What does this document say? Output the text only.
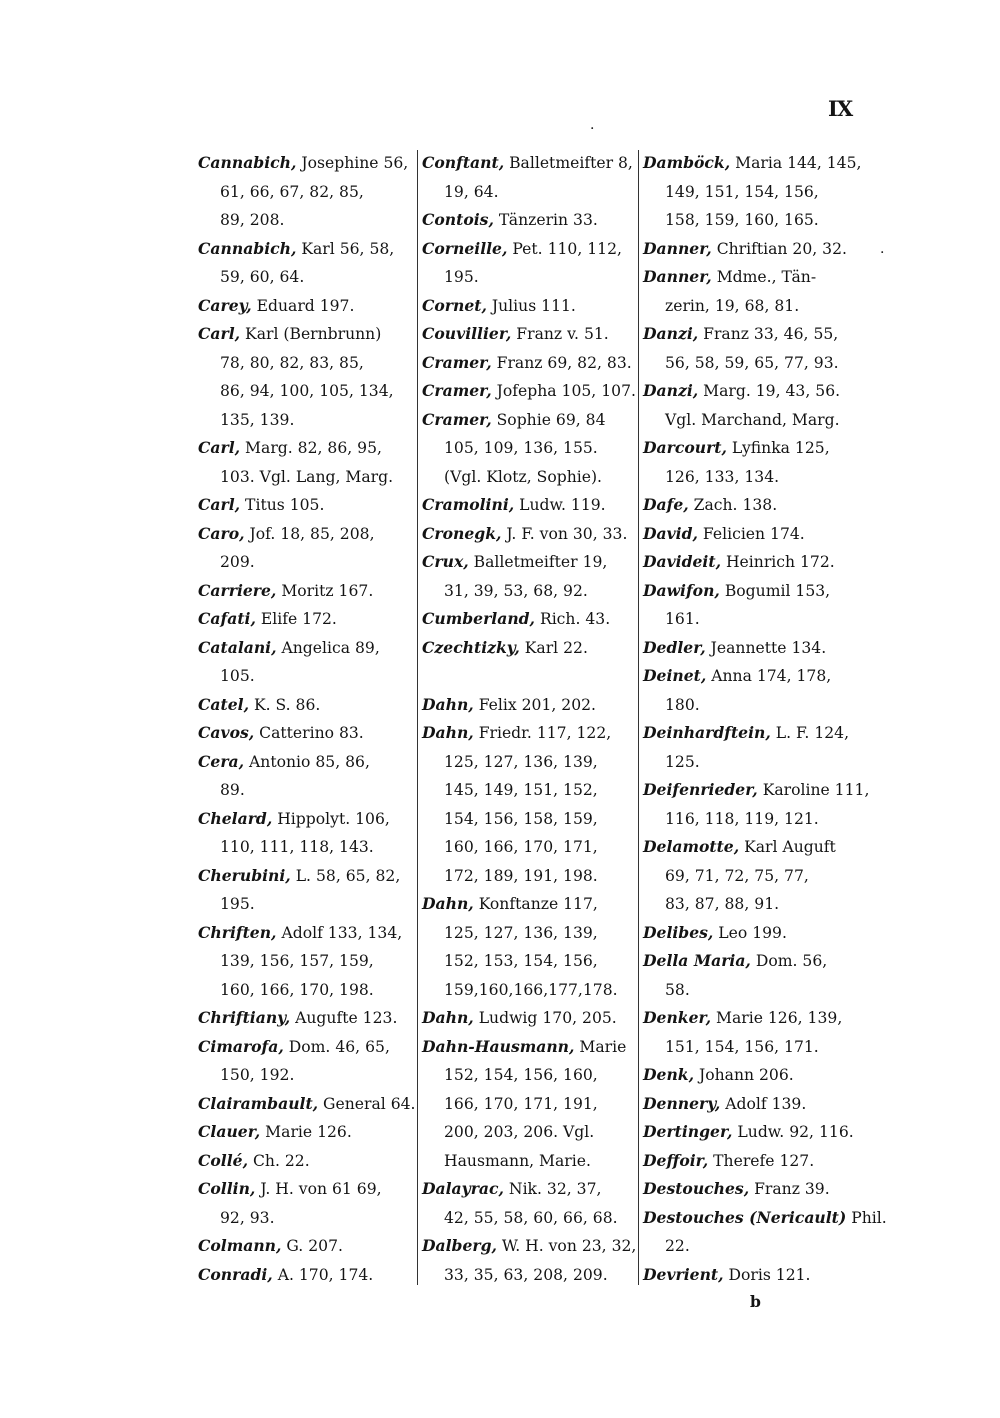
IX
·
·
Cannabich, Josephine 56,
61, 66, 67, 82, 85,
89, 208.
Cannabich, Karl 56, 58,
59, 60, 64.
Carey, Eduard 197.
Carl, Karl (Bernbrunn)
78, 80, 82, 83, 85,
86, 94, 100, 105, 134,
135, 139.
Carl, Marg. 82, 86, 95,
103. Vgl. Lang, Marg.
Carl, Titus 105.
Caro, Jof. 18, 85, 208,
209.
Carriere, Moritz 167.
Cafati, Elife 172.
Catalani, Angelica 89,
105.
Catel, K. S. 86.
Cavos, Catterino 83.
Cera, Antonio 85, 86,
89.
Chelard, Hippolyt. 106,
110, 111, 118, 143.
Cherubini, L. 58, 65, 82,
195.
Chriften, Adolf 133, 134,
139, 156, 157, 159,
160, 166, 170, 198.
Chriftiany, Augufte 123.
Cimarofa, Dom. 46, 65,
150, 192.
Clairambault, General 64.
Clauer, Marie 126.
Collé, Ch. 22.
Collin, J. H. von 61 69,
92, 93.
Colmann, G. 207.
Conradi, A. 170, 174.
Conftant, Balletmeifter 8,
19, 64.
Contois, Tänzerin 33.
Corneille, Pet. 110, 112,
195.
Cornet, Julius 111.
Couvillier, Franz v. 51.
Cramer, Franz 69, 82, 83.
Cramer, Jofepha 105, 107.
Cramer, Sophie 69, 84
105, 109, 136, 155.
(Vgl. Klotz, Sophie).
Cramolini, Ludw. 119.
Cronegk, J. F. von 30, 33.
Crux, Balletmeifter 19,
31, 39, 53, 68, 92.
Cumberland, Rich. 43.
Czechtizky, Karl 22.
Dahn, Felix 201, 202.
Dahn, Friedr. 117, 122,
125, 127, 136, 139,
145, 149, 151, 152,
154, 156, 158, 159,
160, 166, 170, 171,
172, 189, 191, 198.
Dahn, Konftanze 117,
125, 127, 136, 139,
152, 153, 154, 156,
159,160,166,177,178.
Dahn, Ludwig 170, 205.
Dahn-Hausmann, Marie
152, 154, 156, 160,
166, 170, 171, 191,
200, 203, 206. Vgl.
Hausmann, Marie.
Dalayrac, Nik. 32, 37,
42, 55, 58, 60, 66, 68.
Dalberg, W. H. von 23, 32,
33, 35, 63, 208, 209.
Damböck, Maria 144, 145,
149, 151, 154, 156,
158, 159, 160, 165.
Danner, Chriftian 20, 32.
Danner, Mdme., Tän-
zerin, 19, 68, 81.
Danzi, Franz 33, 46, 55,
56, 58, 59, 65, 77, 93.
Danzi, Marg. 19, 43, 56.
Vgl. Marchand, Marg.
Darcourt, Lyfinka 125,
126, 133, 134.
Dafe, Zach. 138.
David, Felicien 174.
Davideit, Heinrich 172.
Dawifon, Bogumil 153,
161.
Dedler, Jeannette 134.
Deinet, Anna 174, 178,
180.
Deinhardftein, L. F. 124,
125.
Deifenrieder, Karoline 111,
116, 118, 119, 121.
Delamotte, Karl Auguft
69, 71, 72, 75, 77,
83, 87, 88, 91.
Delibes, Leo 199.
Della Maria, Dom. 56,
58.
Denker, Marie 126, 139,
151, 154, 156, 171.
Denk, Johann 206.
Dennery, Adolf 139.
Dertinger, Ludw. 92, 116.
Deffoir, Therefe 127.
Destouches, Franz 39.
Destouches (Nericault) Phil.
22.
Devrient, Doris 121.
b
